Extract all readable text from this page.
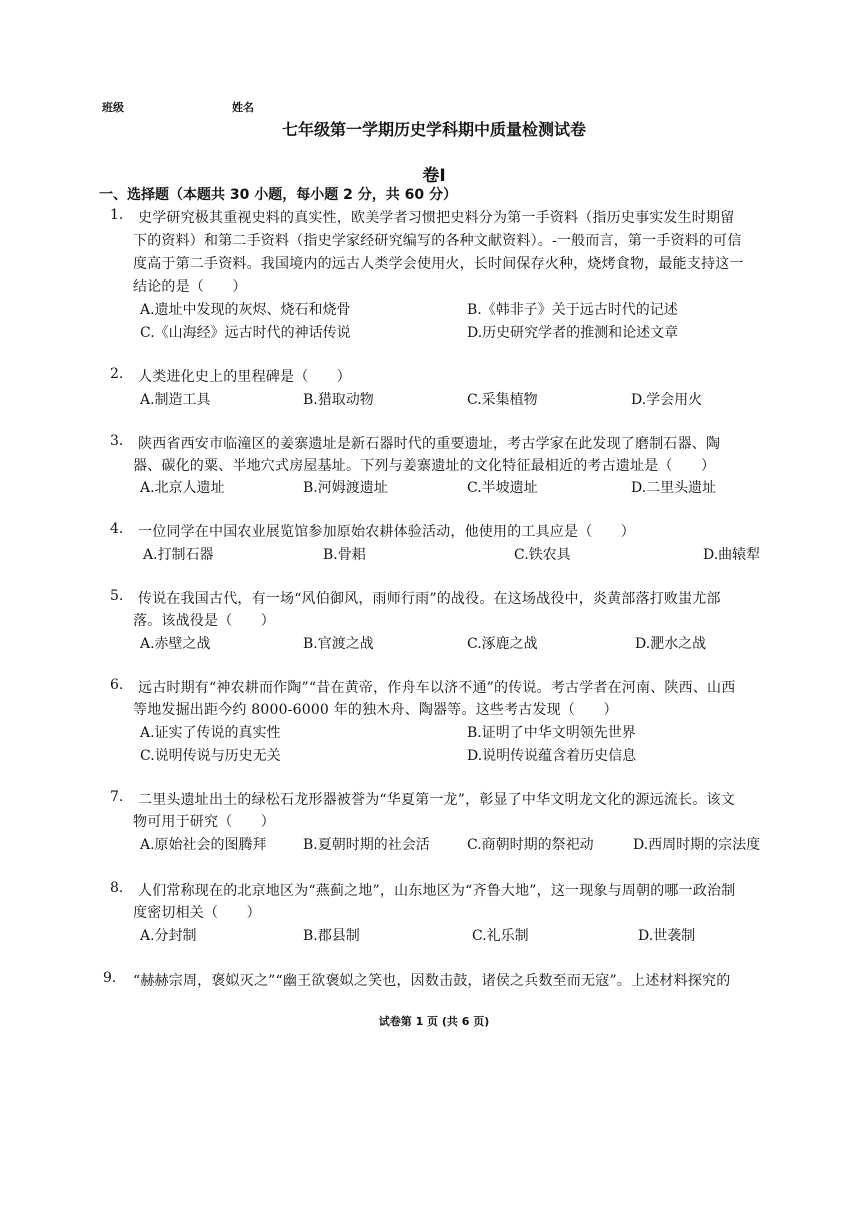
班级	姓名
七年级第一学期历史学科期中质量检测试卷
卷Ⅰ
一、选择题（本题共 30 小题，每小题 2 分，共 60 分）
1. 史学研究极其重视史料的真实性，欧美学者习惯把史料分为第一手资料（指历史事实发生时期留
下的资料）和第二手资料（指史学家经研究编写的各种文献资料）。-一般而言，第一手资料的可信
度高于第二手资料。我国境内的远古人类学会使用火，长时间保存火种，烧烤食物，最能支持这一
结论的是（　　）
A.遗址中发现的灰烬、烧石和烧骨	B.《韩非子》关于远古时代的记述
C.《山海经》远古时代的神话传说	D.历史研究学者的推测和论述文章
2. 人类进化史上的里程碑是（　　）
A.制造工具	B.猎取动物	C.采集植物	D.学会用火
3. 陕西省西安市临潼区的姜寨遗址是新石器时代的重要遗址，考古学家在此发现了磨制石器、陶
器、碳化的粟、半地穴式房屋基址。下列与姜寨遗址的文化特征最相近的考古遗址是（　　）
A.北京人遗址	B.河姆渡遗址	C.半坡遗址	D.二里头遗址
4. 一位同学在中国农业展览馆参加原始农耕体验活动，他使用的工具应是（　　）
A.打制石器	B.骨耜	C.铁农具	D.曲辕犁
5. 传说在我国古代，有一场“风伯御风，雨师行雨”的战役。在这场战役中，炎黄部落打败蚩尤部
落。该战役是（　　）
A.赤壁之战	B.官渡之战	C.涿鹿之战	D.淝水之战
6. 远古时期有“神农耕而作陶”“昔在黄帝，作舟车以济不通”的传说。考古学者在河南、陕西、山西
等地发掘出距今约 8000-6000 年的独木舟、陶器等。这些考古发现（　　）
A.证实了传说的真实性	B.证明了中华文明领先世界
C.说明传说与历史无关	D.说明传说蕴含着历史信息
7. 二里头遗址出土的绿松石龙形器被誉为“华夏第一龙”，彰显了中华文明龙文化的源远流长。该文
物可用于研究（　　）
A.原始社会的图腾拜	B.夏朝时期的社会活	C.商朝时期的祭祀动	D.西周时期的宗法度
8. 人们常称现在的北京地区为“燕蓟之地”，山东地区为“齐鲁大地”，这一现象与周朝的哪一政治制
度密切相关（　　）
A.分封制	B.郡县制	C.礼乐制	D.世袭制
9. “赫赫宗周，褒姒灭之”“幽王欲褒姒之笑也，因数击鼓，诸侯之兵数至而无寇”。上述材料探究的
试卷第 1 页 (共 6 页)
